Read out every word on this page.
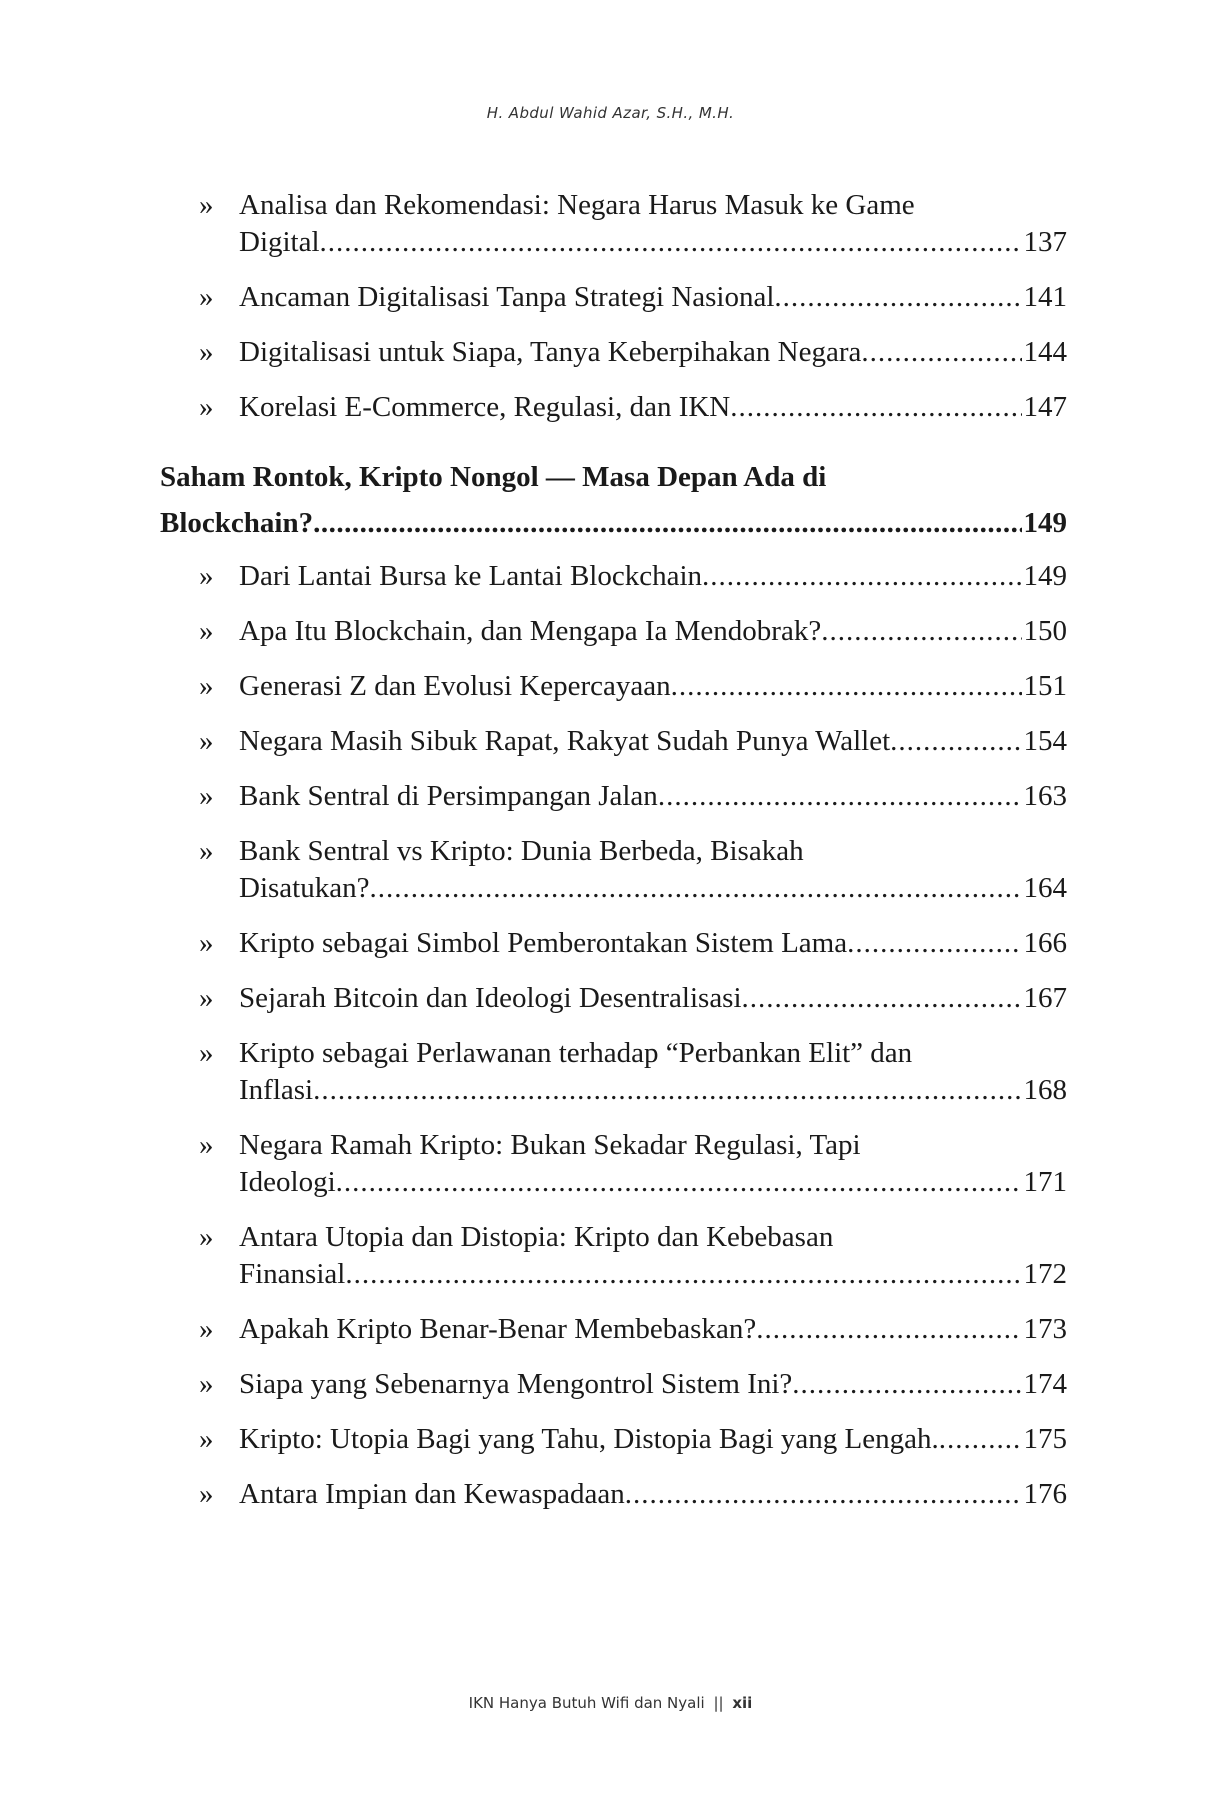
H. Abdul Wahid Azar, S.H., M.H.
» Analisa dan Rekomendasi: Negara Harus Masuk ke Game
Digital .....	137
» Ancaman Digitalisasi Tanpa Strategi Nasional .....	141
» Digitalisasi untuk Siapa, Tanya Keberpihakan Negara .....	144
» Korelasi E-Commerce, Regulasi, dan IKN .....	147
Saham Rontok, Kripto Nongol — Masa Depan Ada di
Blockchain? .....	149
» Dari Lantai Bursa ke Lantai Blockchain .....	149
» Apa Itu Blockchain, dan Mengapa Ia Mendobrak? .....	150
» Generasi Z dan Evolusi Kepercayaan .....	151
» Negara Masih Sibuk Rapat, Rakyat Sudah Punya Wallet .....	154
» Bank Sentral di Persimpangan Jalan .....	163
» Bank Sentral vs Kripto: Dunia Berbeda, Bisakah
Disatukan? .....	164
» Kripto sebagai Simbol Pemberontakan Sistem Lama .....	166
» Sejarah Bitcoin dan Ideologi Desentralisasi .....	167
» Kripto sebagai Perlawanan terhadap “Perbankan Elit” dan
Inflasi .....	168
» Negara Ramah Kripto: Bukan Sekadar Regulasi, Tapi
Ideologi .....	171
» Antara Utopia dan Distopia: Kripto dan Kebebasan
Finansial .....	172
» Apakah Kripto Benar-Benar Membebaskan? .....	173
» Siapa yang Sebenarnya Mengontrol Sistem Ini? .....	174
» Kripto: Utopia Bagi yang Tahu, Distopia Bagi yang Lengah. .....	175
» Antara Impian dan Kewaspadaan .....	176
IKN Hanya Butuh Wifi dan Nyali || xii
